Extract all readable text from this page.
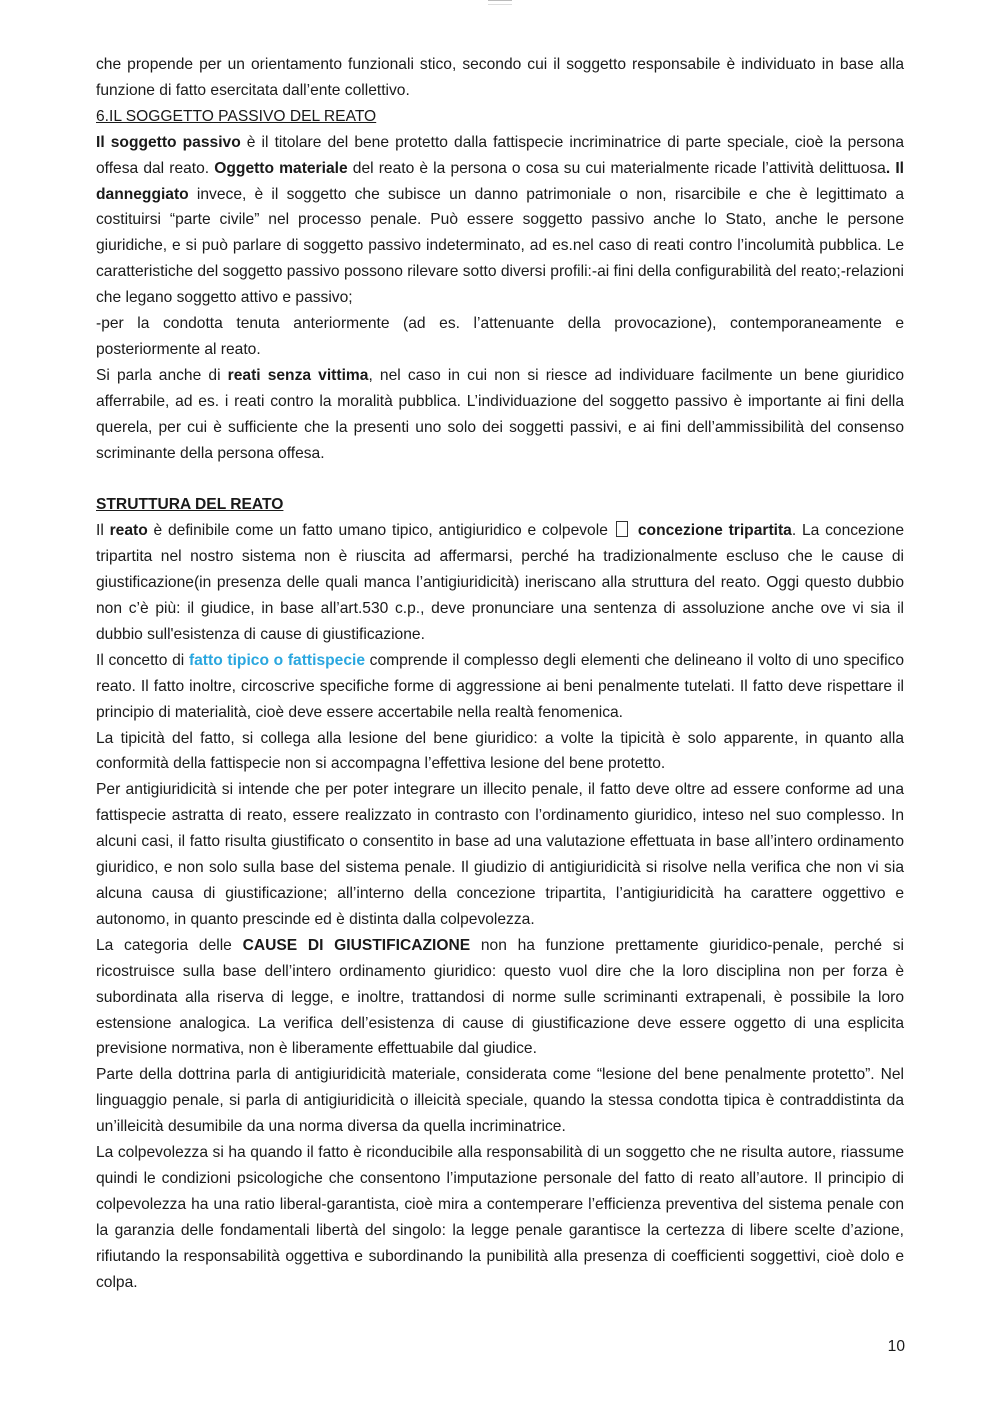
che propende per un orientamento funzionali stico, secondo cui il soggetto responsabile è individuato in base alla funzione di fatto esercitata dall’ente collettivo.

6.IL SOGGETTO PASSIVO DEL REATO

Il soggetto passivo è il titolare del bene protetto dalla fattispecie incriminatrice di parte speciale, cioè la persona offesa dal reato. Oggetto materiale del reato è la persona o cosa su cui materialmente ricade l’attività delittuosa. Il danneggiato invece, è il soggetto che subisce un danno patrimoniale o non, risarcibile e che è legittimato a costituirsi “parte civile” nel processo penale. Può essere soggetto passivo anche lo Stato, anche le persone giuridiche, e si può parlare di soggetto passivo indeterminato, ad es.nel caso di reati contro l’incolumità pubblica. Le caratteristiche del soggetto passivo possono rilevare sotto diversi profili:-ai fini della configurabilità del reato;-relazioni che legano soggetto attivo e passivo;

-per la condotta tenuta anteriormente (ad es. l’attenuante della provocazione), contemporaneamente e posteriormente al reato.

Si parla anche di reati senza vittima, nel caso in cui non si riesce ad individuare facilmente un bene giuridico afferrabile, ad es. i reati contro la moralità pubblica. L’individuazione del soggetto passivo è importante ai fini della querela, per cui è sufficiente che la presenti uno solo dei soggetti passivi, e ai fini dell’ammissibilità del consenso scriminante della persona offesa.

STRUTTURA DEL REATO

Il reato è definibile come un fatto umano tipico, antigiuridico e colpevole concezione tripartita. La concezione tripartita nel nostro sistema non è riuscita ad affermarsi, perché ha tradizionalmente escluso che le cause di giustificazione(in presenza delle quali manca l’antigiuridicità) ineriscano alla struttura del reato. Oggi questo dubbio non c’è più: il giudice, in base all’art.530 c.p., deve pronunciare una sentenza di assoluzione anche ove vi sia il dubbio sull'esistenza di cause di giustificazione.

Il concetto di fatto tipico o fattispecie comprende il complesso degli elementi che delineano il volto di uno specifico reato. Il fatto inoltre, circoscrive specifiche forme di aggressione ai beni penalmente tutelati. Il fatto deve rispettare il principio di materialità, cioè deve essere accertabile nella realtà fenomenica.

La tipicità del fatto, si collega alla lesione del bene giuridico: a volte la tipicità è solo apparente, in quanto alla conformità della fattispecie non si accompagna l’effettiva lesione del bene protetto.

Per antigiuridicità si intende che per poter integrare un illecito penale, il fatto deve oltre ad essere conforme ad una fattispecie astratta di reato, essere realizzato in contrasto con l’ordinamento giuridico, inteso nel suo complesso. In alcuni casi, il fatto risulta giustificato o consentito in base ad una valutazione effettuata in base all’intero ordinamento giuridico, e non solo sulla base del sistema penale. Il giudizio di antigiuridicità si risolve nella verifica che non vi sia alcuna causa di giustificazione; all’interno della concezione tripartita, l’antigiuridicità ha carattere oggettivo e autonomo, in quanto prescinde ed è distinta dalla colpevolezza.

La categoria delle CAUSE DI GIUSTIFICAZIONE non ha funzione prettamente giuridico-penale, perché si ricostruisce sulla base dell’intero ordinamento giuridico: questo vuol dire che la loro disciplina non per forza è subordinata alla riserva di legge, e inoltre, trattandosi di norme sulle scriminanti extrapenali, è possibile la loro estensione analogica. La verifica dell’esistenza di cause di giustificazione deve essere oggetto di una esplicita previsione normativa, non è liberamente effettuabile dal giudice.

Parte della dottrina parla di antigiuridicità materiale, considerata come “lesione del bene penalmente protetto”. Nel linguaggio penale, si parla di antigiuridicità o illeicità speciale, quando la stessa condotta tipica è contraddistinta da un’illeicità desumibile da una norma diversa da quella incriminatrice.

La colpevolezza si ha quando il fatto è riconducibile alla responsabilità di un soggetto che ne risulta autore, riassume quindi le condizioni psicologiche che consentono l’imputazione personale del fatto di reato all’autore. Il principio di colpevolezza ha una ratio liberal-garantista, cioè mira a contemperare l’efficienza preventiva del sistema penale con la garanzia delle fondamentali libertà del singolo: la legge penale garantisce la certezza di libere scelte d’azione, rifiutando la responsabilità oggettiva e subordinando la punibilità alla presenza di coefficienti soggettivi, cioè dolo e colpa.

10
